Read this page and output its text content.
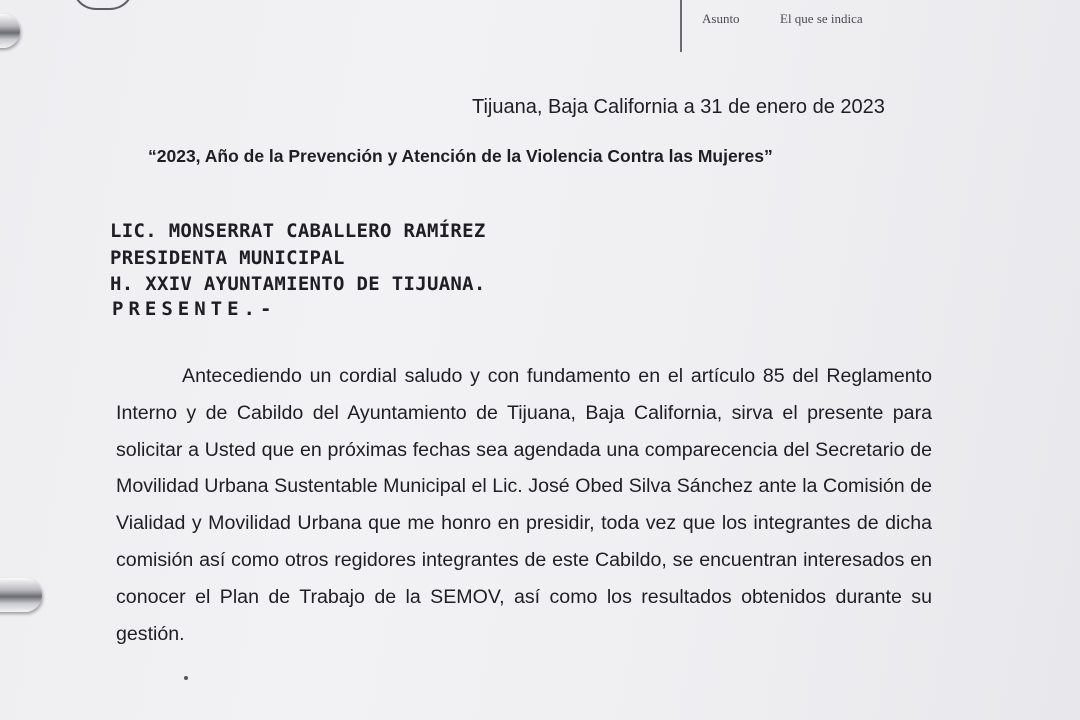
Asunto	El que se indica
Tijuana, Baja California a 31 de enero de 2023
“2023, Año de la Prevención y Atención de la Violencia Contra las Mujeres”
LIC. MONSERRAT CABALLERO RAMÍREZ
PRESIDENTA MUNICIPAL
H. XXIV AYUNTAMIENTO DE TIJUANA.
PRESENTE.-

Antecediendo un cordial saludo y con fundamento en el artículo 85 del Reglamento Interno y de Cabildo del Ayuntamiento de Tijuana, Baja California, sirva el presente para solicitar a Usted que en próximas fechas sea agendada una comparecencia del Secretario de Movilidad Urbana Sustentable Municipal el Lic. José Obed Silva Sánchez ante la Comisión de Vialidad y Movilidad Urbana que me honro en presidir, toda vez que los integrantes de dicha comisión así como otros regidores integrantes de este Cabildo, se encuentran interesados en conocer el Plan de Trabajo de la SEMOV, así como los resultados obtenidos durante su gestión.
